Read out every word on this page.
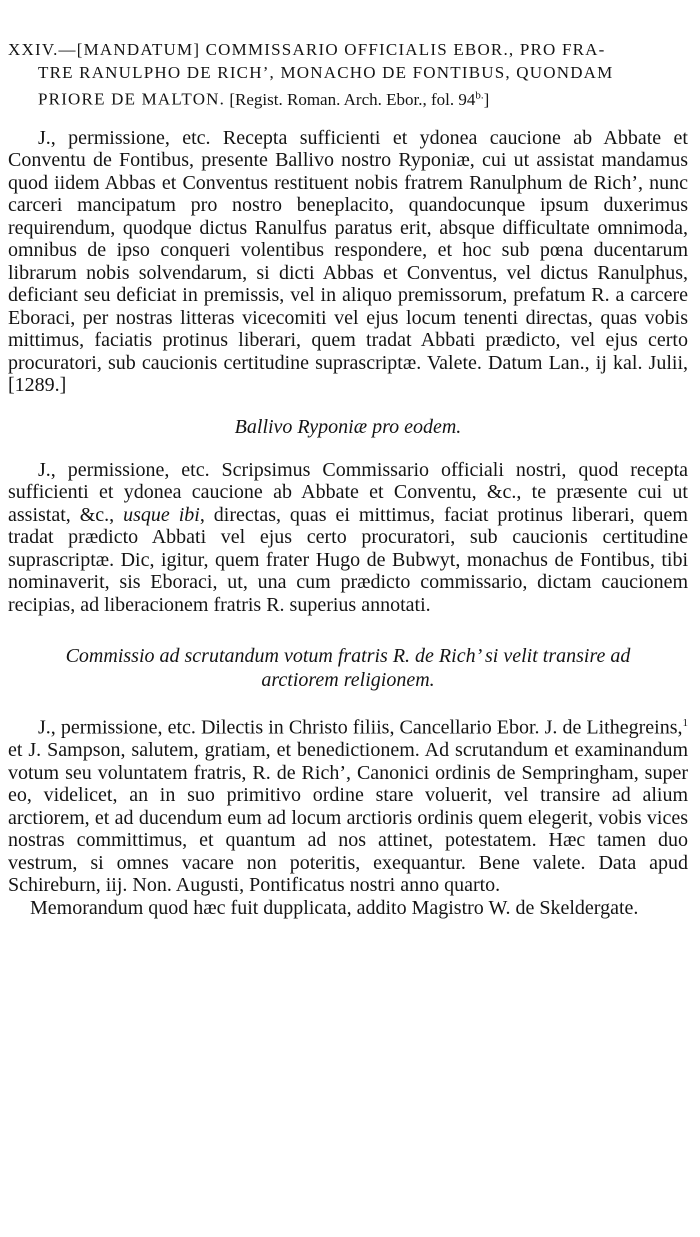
XXIV.—[MANDATUM] COMMISSARIO OFFICIALIS EBOR., PRO FRA-
TRE RANULPHO DE RICH’, MONACHO DE FONTIBUS, QUONDAM
PRIORE DE MALTON. [Regist. Roman. Arch. Ebor., fol. $94^{b.}$]

J., permissione, etc. Recepta sufficienti et ydonea caucione ab Abbate et Conventu de Fontibus, presente Ballivo nostro Ryponiæ, cui ut assistat mandamus quod iidem Abbas et Conventus restituent nobis fratrem Ranulphum de Rich’, nunc carceri mancipatum pro nostro beneplacito, quandocunque ipsum duxerimus requirendum, quodque dictus Ranulfus paratus erit, absque difficultate omnimoda, omnibus de ipso conqueri volentibus respondere, et hoc sub pœna ducentarum librarum nobis solvendarum, si dicti Abbas et Conventus, vel dictus Ranulphus, deficiant seu deficiat in premissis, vel in aliquo premissorum, prefatum R. a carcere Eboraci, per nostras litteras vicecomiti vel ejus locum tenenti directas, quas vobis mittimus, faciatis protinus liberari, quem tradat Abbati prædicto, vel ejus certo procuratori, sub caucionis certitudine suprascriptæ. Valete. Datum Lan., ij kal. Julii, [1289.]

Ballivo Ryponiæ pro eodem.

J., permissione, etc. Scripsimus Commissario officiali nostri, quod recepta sufficienti et ydonea caucione ab Abbate et Conventu, &c., te præsente cui ut assistat, &c., usque ibi, directas, quas ei mittimus, faciat protinus liberari, quem tradat prædicto Abbati vel ejus certo procuratori, sub caucionis certitudine suprascriptæ. Dic, igitur, quem frater Hugo de Bubwyt, monachus de Fontibus, tibi nominaverit, sis Eboraci, ut, una cum prædicto commissario, dictam caucionem recipias, ad liberacionem fratris R. superius annotati.

Commissio ad scrutandum votum fratris R. de Rich’ si velit transire ad arctiorem religionem.

J., permissione, etc. Dilectis in Christo filiis, Cancellario Ebor. J. de Lithegreins,$^1$ et J. Sampson, salutem, gratiam, et benedictionem. Ad scrutandum et examinandum votum seu voluntatem fratris, R. de Rich’, Canonici ordinis de Sempringham, super eo, videlicet, an in suo primitivo ordine stare voluerit, vel transire ad alium arctiorem, et ad ducendum eum ad locum arctioris ordinis quem elegerit, vobis vices nostras committimus, et quantum ad nos attinet, potestatem. Hæc tamen duo vestrum, si omnes vacare non poteritis, exequantur. Bene valete. Data apud Schireburn, iij. Non. Augusti, Pontificatus nostri anno quarto.

Memorandum quod hæc fuit dupplicata, addito Magistro W. de Skeldergate.
